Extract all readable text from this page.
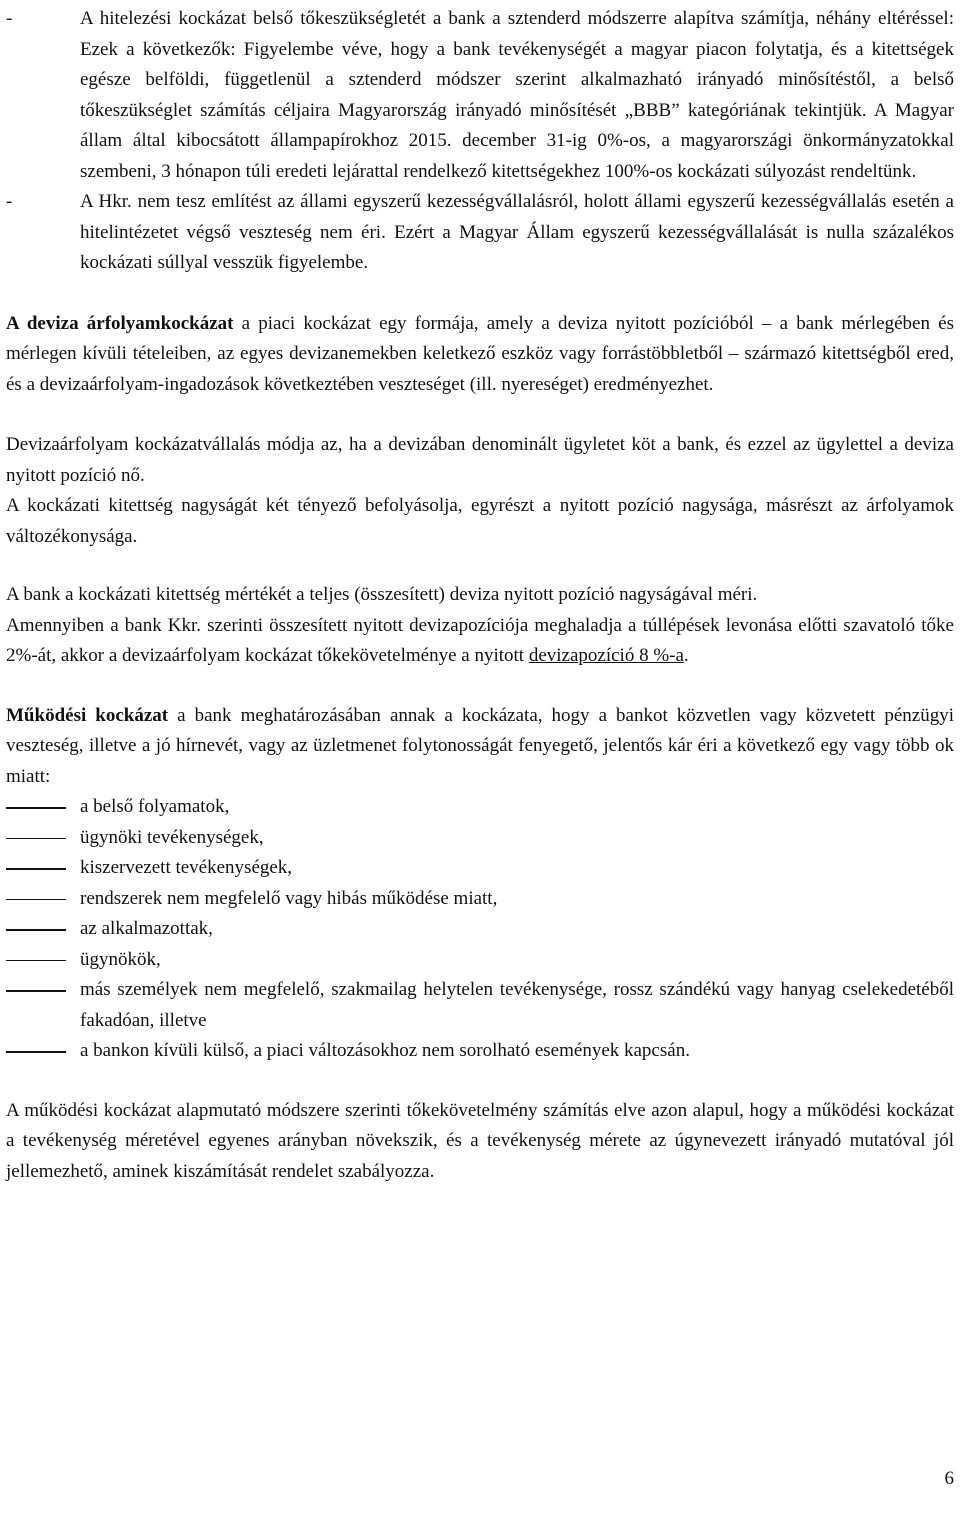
-	A hitelezési kockázat belső tőkeszükségletét a bank a sztenderd módszerre alapítva számítja, néhány eltéréssel: Ezek a következők: Figyelembe véve, hogy a bank tevékenységét a magyar piacon folytatja, és a kitettségek egésze belföldi, függetlenül a sztenderd módszer szerint alkalmazható irányadó minősítéstől, a belső tőkeszükséglet számítás céljaira Magyarország irányadó minősítését „BBB” kategóriának tekintjük. A Magyar állam által kibocsátott állampapírokhoz 2015. december 31-ig 0%-os, a magyarországi önkormányzatokkal szembeni, 3 hónapon túli eredeti lejárattal rendelkező kitettségekhez 100%-os kockázati súlyozást rendeltünk.
-	A Hkr. nem tesz említést az állami egyszerű kezességvállalásról, holott állami egyszerű kezességvállalás esetén a hitelintézetet végső veszteség nem éri. Ezért a Magyar Állam egyszerű kezességvállalását is nulla százalékos kockázati súllyal vesszük figyelembe.

A deviza árfolyamkockázat a piaci kockázat egy formája, amely a deviza nyitott pozícióból ‒ a bank mérlegében és mérlegen kívüli tételeiben, az egyes devizanemekben keletkező eszköz vagy forrástöbbletből ‒ származó kitettségből ered, és a devizaárfolyam-ingadozások következtében veszteséget (ill. nyereséget) eredményezhet.

Devizaárfolyam kockázatvállalás módja az, ha a devizában denominált ügyletet köt a bank, és ezzel az ügylettel a deviza nyitott pozíció nő.

A kockázati kitettség nagyságát két tényező befolyásolja, egyrészt a nyitott pozíció nagysága, másrészt az árfolyamok változékonysága.

A bank a kockázati kitettség mértékét a teljes (összesített) deviza nyitott pozíció nagyságával méri.

Amennyiben a bank Kkr. szerinti összesített nyitott devizapozíciója meghaladja a túllépések levonása előtti szavatoló tőke 2%-át, akkor a devizaárfolyam kockázat tőkekövetelménye a nyitott devizapozíció 8 %-a.

Működési kockázat a bank meghatározásában annak a kockázata, hogy a bankot közvetlen vagy közvetett pénzügyi veszteség, illetve a jó hírnevét, vagy az üzletmenet folytonosságát fenyegető, jelentős kár éri a következő egy vagy több ok miatt:

a belső folyamatok,
ügynöki tevékenységek,
kiszervezett tevékenységek,
rendszerek nem megfelelő vagy hibás működése miatt,
az alkalmazottak,
ügynökök,
más személyek nem megfelelő, szakmailag helytelen tevékenysége, rossz szándékú vagy hanyag cselekedetéből fakadóan, illetve
a bankon kívüli külső, a piaci változásokhoz nem sorolható események kapcsán.

A működési kockázat alapmutató módszere szerinti tőkekövetelmény számítás elve azon alapul, hogy a működési kockázat a tevékenység méretével egyenes arányban növekszik, és a tevékenység mérete az úgynevezett irányadó mutatóval jól jellemezhető, aminek kiszámítását rendelet szabályozza.

6
